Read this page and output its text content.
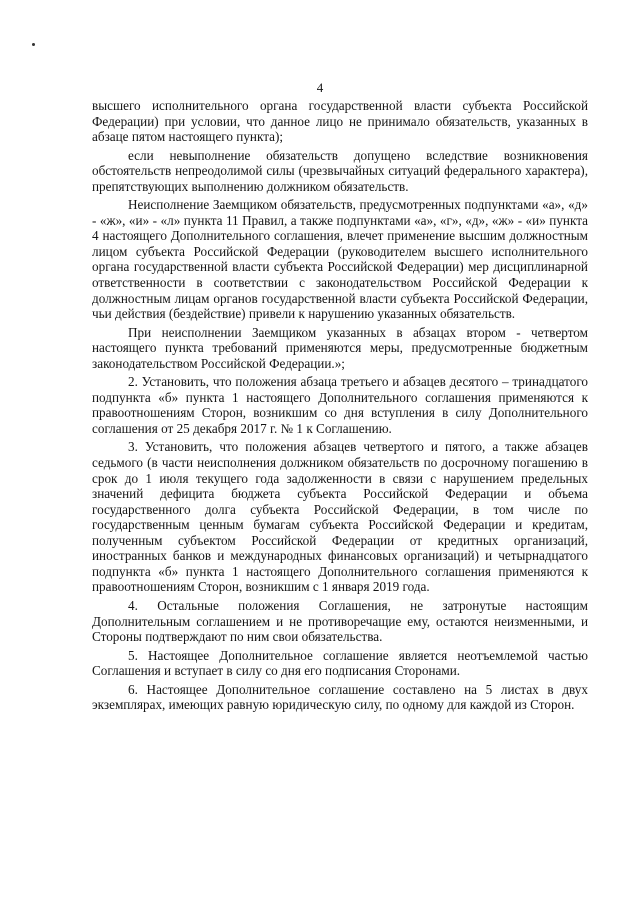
4

высшего исполнительного органа государственной власти субъекта Российской Федерации) при условии, что данное лицо не принимало обязательств, указанных в абзаце пятом настоящего пункта);

если невыполнение обязательств допущено вследствие возникновения обстоятельств непреодолимой силы (чрезвычайных ситуаций федерального характера), препятствующих выполнению должником обязательств.

Неисполнение Заемщиком обязательств, предусмотренных подпунктами «а», «д» - «ж», «и» - «л» пункта 11 Правил, а также подпунктами «а», «г», «д», «ж» - «и» пункта 4 настоящего Дополнительного соглашения, влечет применение высшим должностным лицом субъекта Российской Федерации (руководителем высшего исполнительного органа государственной власти субъекта Российской Федерации) мер дисциплинарной ответственности в соответствии с законодательством Российской Федерации к должностным лицам органов государственной власти субъекта Российской Федерации, чьи действия (бездействие) привели к нарушению указанных обязательств.

При неисполнении Заемщиком указанных в абзацах втором - четвертом настоящего пункта требований применяются меры, предусмотренные бюджетным законодательством Российской Федерации.»;

2. Установить, что положения абзаца третьего и абзацев десятого – тринадцатого подпункта «б» пункта 1 настоящего Дополнительного соглашения применяются к правоотношениям Сторон, возникшим со дня вступления в силу Дополнительного соглашения от 25 декабря 2017 г. № 1 к Соглашению.

3. Установить, что положения абзацев четвертого и пятого, а также абзацев седьмого (в части неисполнения должником обязательств по досрочному погашению в срок до 1 июля текущего года задолженности в связи с нарушением предельных значений дефицита бюджета субъекта Российской Федерации и объема государственного долга субъекта Российской Федерации, в том числе по государственным ценным бумагам субъекта Российской Федерации и кредитам, полученным субъектом Российской Федерации от кредитных организаций, иностранных банков и международных финансовых организаций) и четырнадцатого подпункта «б» пункта 1 настоящего Дополнительного соглашения применяются к правоотношениям Сторон, возникшим с 1 января 2019 года.

4. Остальные положения Соглашения, не затронутые настоящим Дополнительным соглашением и не противоречащие ему, остаются неизменными, и Стороны подтверждают по ним свои обязательства.

5. Настоящее Дополнительное соглашение является неотъемлемой частью Соглашения и вступает в силу со дня его подписания Сторонами.

6. Настоящее Дополнительное соглашение составлено на 5 листах в двух экземплярах, имеющих равную юридическую силу, по одному для каждой из Сторон.
